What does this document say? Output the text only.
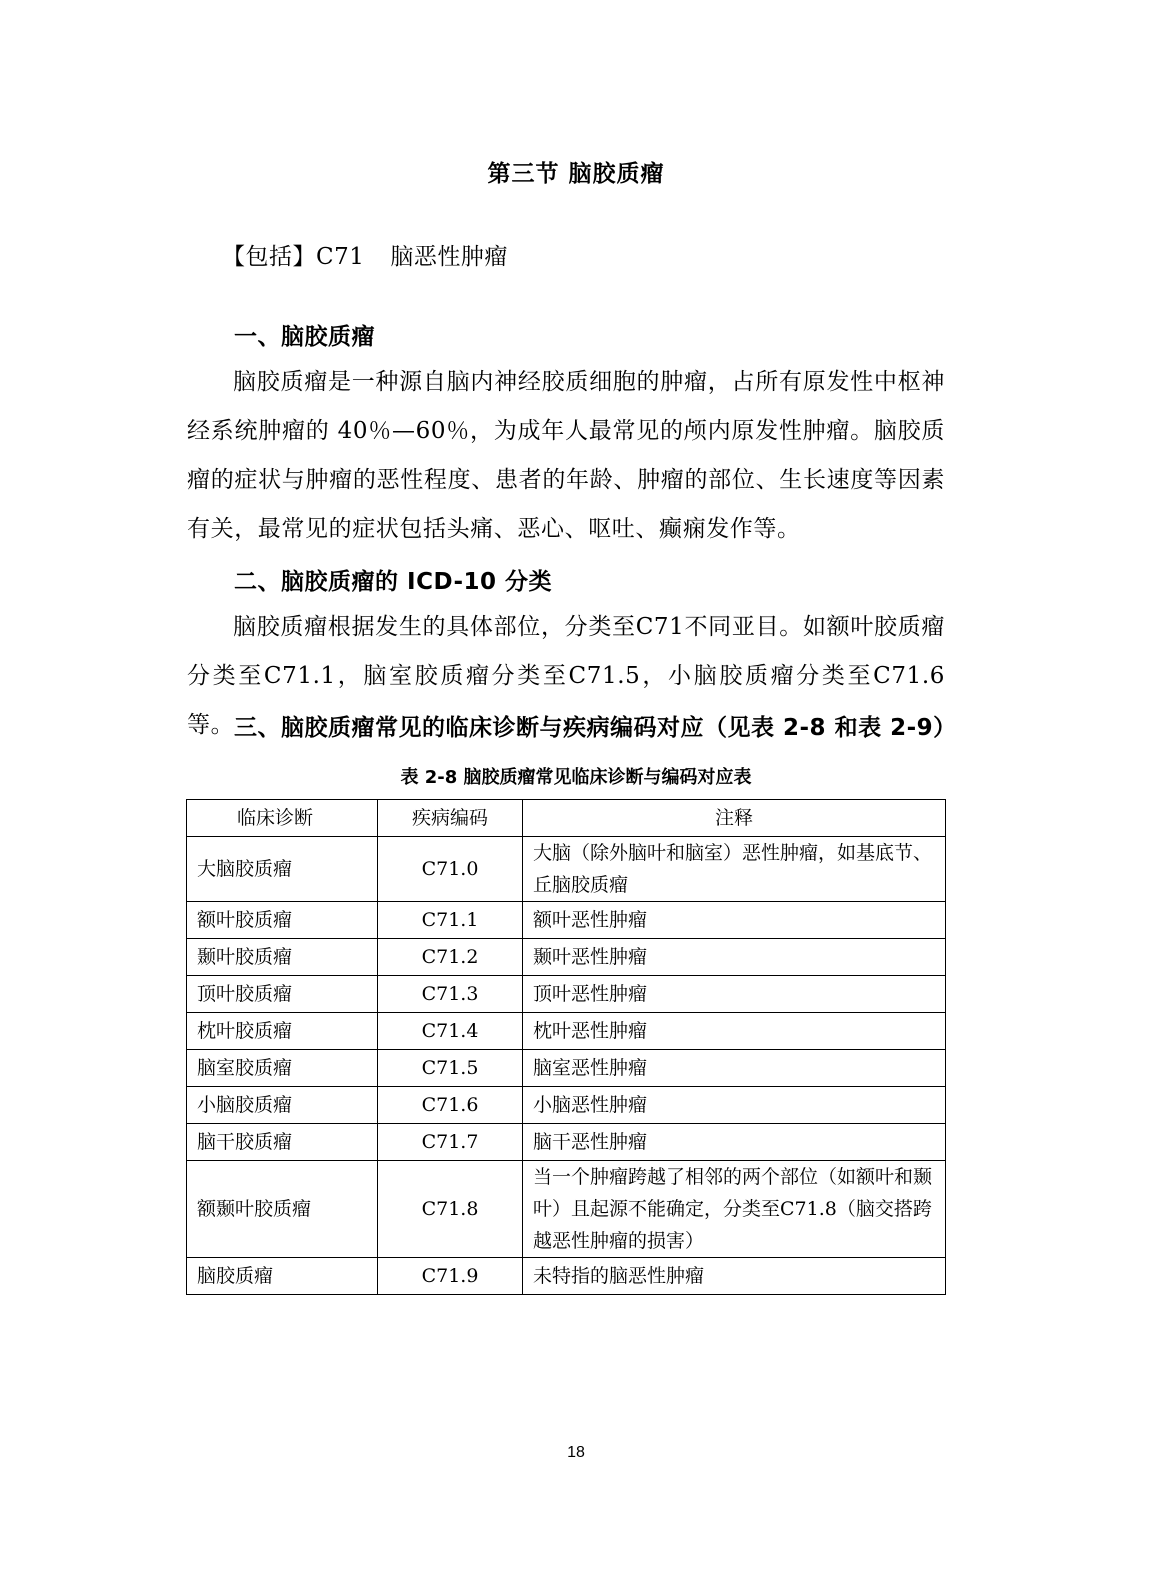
第三节 脑胶质瘤

【包括】C71 脑恶性肿瘤

一、脑胶质瘤

脑胶质瘤是一种源自脑内神经胶质细胞的肿瘤，占所有原发性中枢神经系统肿瘤的 40％—60％，为成年人最常见的颅内原发性肿瘤。脑胶质瘤的症状与肿瘤的恶性程度、患者的年龄、肿瘤的部位、生长速度等因素有关，最常见的症状包括头痛、恶心、呕吐、癫痫发作等。

二、脑胶质瘤的 ICD-10 分类

脑胶质瘤根据发生的具体部位，分类至C71不同亚目。如额叶胶质瘤分类至C71.1，脑室胶质瘤分类至C71.5，小脑胶质瘤分类至C71.6等。 三、脑胶质瘤常见的临床诊断与疾病编码对应（见表 2-8 和表 2-9）
表 2-8 脑胶质瘤常见临床诊断与编码对应表
临床诊断	疾病编码	注释
大脑胶质瘤	C71.0	大脑（除外脑叶和脑室）恶性肿瘤，如基底节、丘脑胶质瘤
额叶胶质瘤	C71.1	额叶恶性肿瘤
颞叶胶质瘤	C71.2	颞叶恶性肿瘤
顶叶胶质瘤	C71.3	顶叶恶性肿瘤
枕叶胶质瘤	C71.4	枕叶恶性肿瘤
脑室胶质瘤	C71.5	脑室恶性肿瘤
小脑胶质瘤	C71.6	小脑恶性肿瘤
脑干胶质瘤	C71.7	脑干恶性肿瘤
额颞叶胶质瘤	C71.8	当一个肿瘤跨越了相邻的两个部位（如额叶和颞叶）且起源不能确定，分类至C71.8（脑交搭跨越恶性肿瘤的损害）
脑胶质瘤	C71.9	未特指的脑恶性肿瘤
18
